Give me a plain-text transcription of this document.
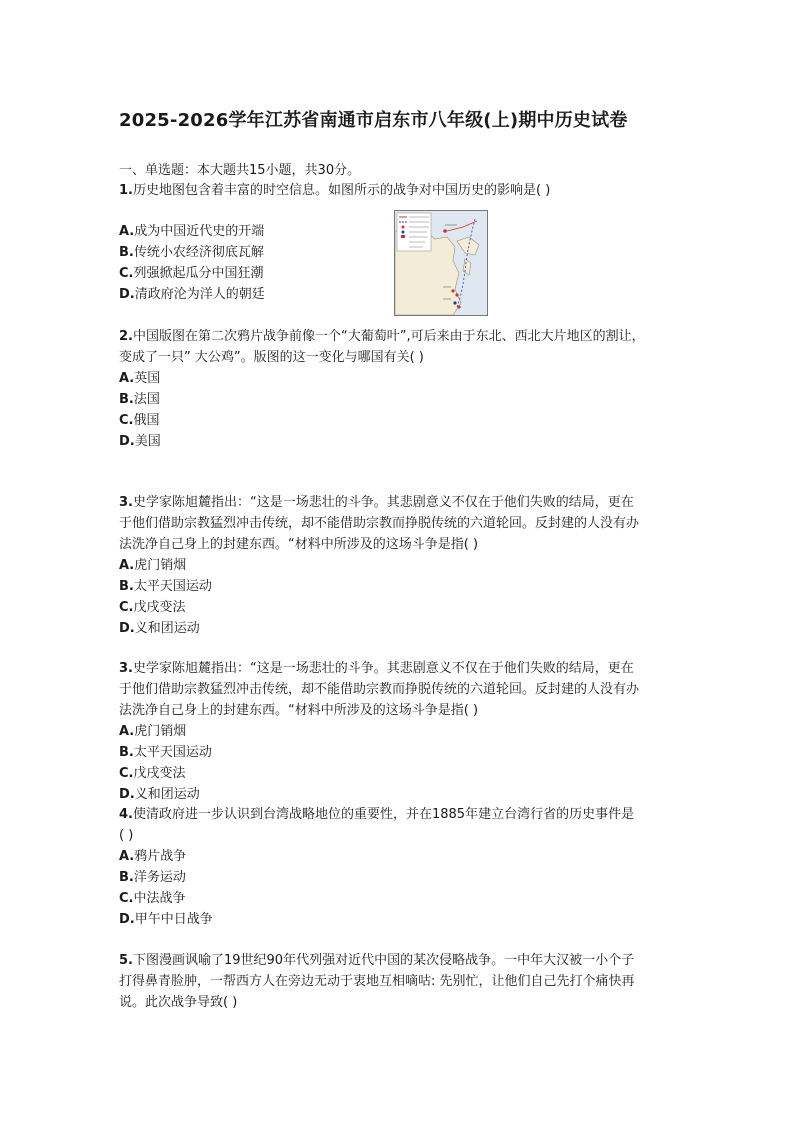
2025-2026学年江苏省南通市启东市八年级(上)期中历史试卷
一、单选题：本大题共15小题，共30分。
1.历史地图包含着丰富的时空信息。如图所示的战争对中国历史的影响是( )
A.成为中国近代史的开端
B.传统小农经济彻底瓦解
C.列强掀起瓜分中国狂潮
D.清政府沦为洋人的朝廷
2.中国版图在第二次鸦片战争前像一个“大葡萄叶”,可后来由于东北、西北大片地区的割让，
变成了一只” 大公鸡”。版图的这一变化与哪国有关( )
A.英国
B.法国
C.俄国
D.美国
3.史学家陈旭麓指出：“这是一场悲壮的斗争。其悲剧意义不仅在于他们失败的结局，更在
于他们借助宗教猛烈冲击传统，却不能借助宗教而挣脱传统的六道轮回。反封建的人没有办
法洗净自己身上的封建东西。“材料中所涉及的这场斗争是指( )
A.虎门销烟
B.太平天国运动
C.戊戌变法
D.义和团运动
3.史学家陈旭麓指出：“这是一场悲壮的斗争。其悲剧意义不仅在于他们失败的结局，更在
于他们借助宗教猛烈冲击传统，却不能借助宗教而挣脱传统的六道轮回。反封建的人没有办
法洗净自己身上的封建东西。“材料中所涉及的这场斗争是指( )
A.虎门销烟
B.太平天国运动
C.戊戌变法
D.义和团运动
4.使清政府进一步认识到台湾战略地位的重要性，并在1885年建立台湾行省的历史事件是
( )
A.鸦片战争
B.洋务运动
C.中法战争
D.甲午中日战争
5.下图漫画讽喻了19世纪90年代列强对近代中国的某次侵略战争。一中年大汉被一小个子
打得鼻青脸肿，一帮西方人在旁边无动于衷地互相嘀咕: 先别忙，让他们自己先打个痛快再
说。此次战争导致( )
